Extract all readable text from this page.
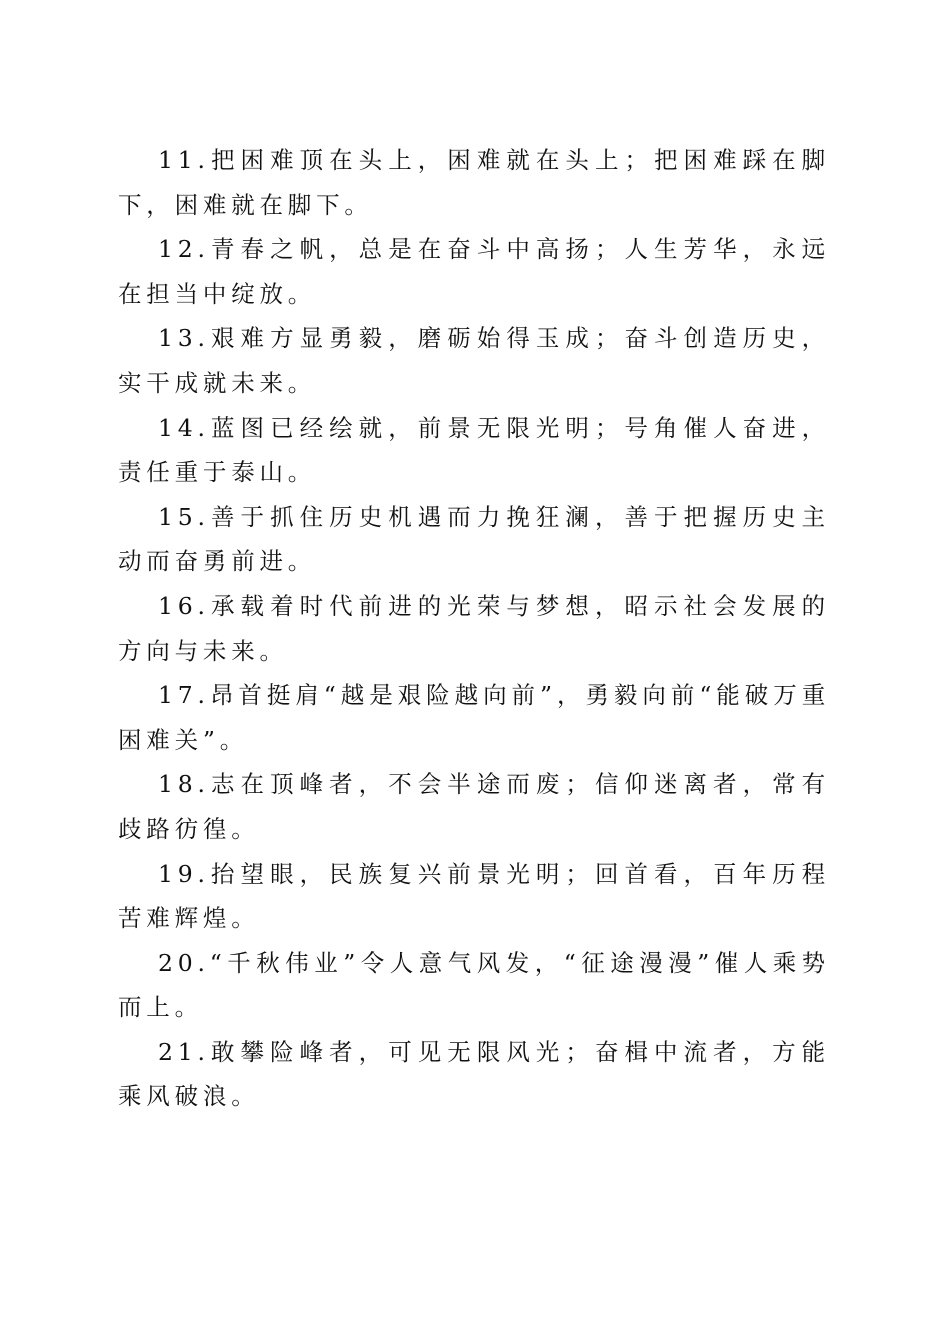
11.把困难顶在头上，困难就在头上；把困难踩在脚下，困难就在脚下。

12.青春之帆，总是在奋斗中高扬；人生芳华，永远在担当中绽放。

13.艰难方显勇毅，磨砺始得玉成；奋斗创造历史，实干成就未来。

14.蓝图已经绘就，前景无限光明；号角催人奋进，责任重于泰山。

15.善于抓住历史机遇而力挽狂澜，善于把握历史主动而奋勇前进。

16.承载着时代前进的光荣与梦想，昭示社会发展的方向与未来。

17.昂首挺肩“越是艰险越向前”，勇毅向前“能破万重困难关”。

18.志在顶峰者，不会半途而废；信仰迷离者，常有歧路彷徨。

19.抬望眼，民族复兴前景光明；回首看，百年历程苦难辉煌。

20.“千秋伟业”令人意气风发，“征途漫漫”催人乘势而上。

21.敢攀险峰者，可见无限风光；奋楫中流者，方能乘风破浪。
